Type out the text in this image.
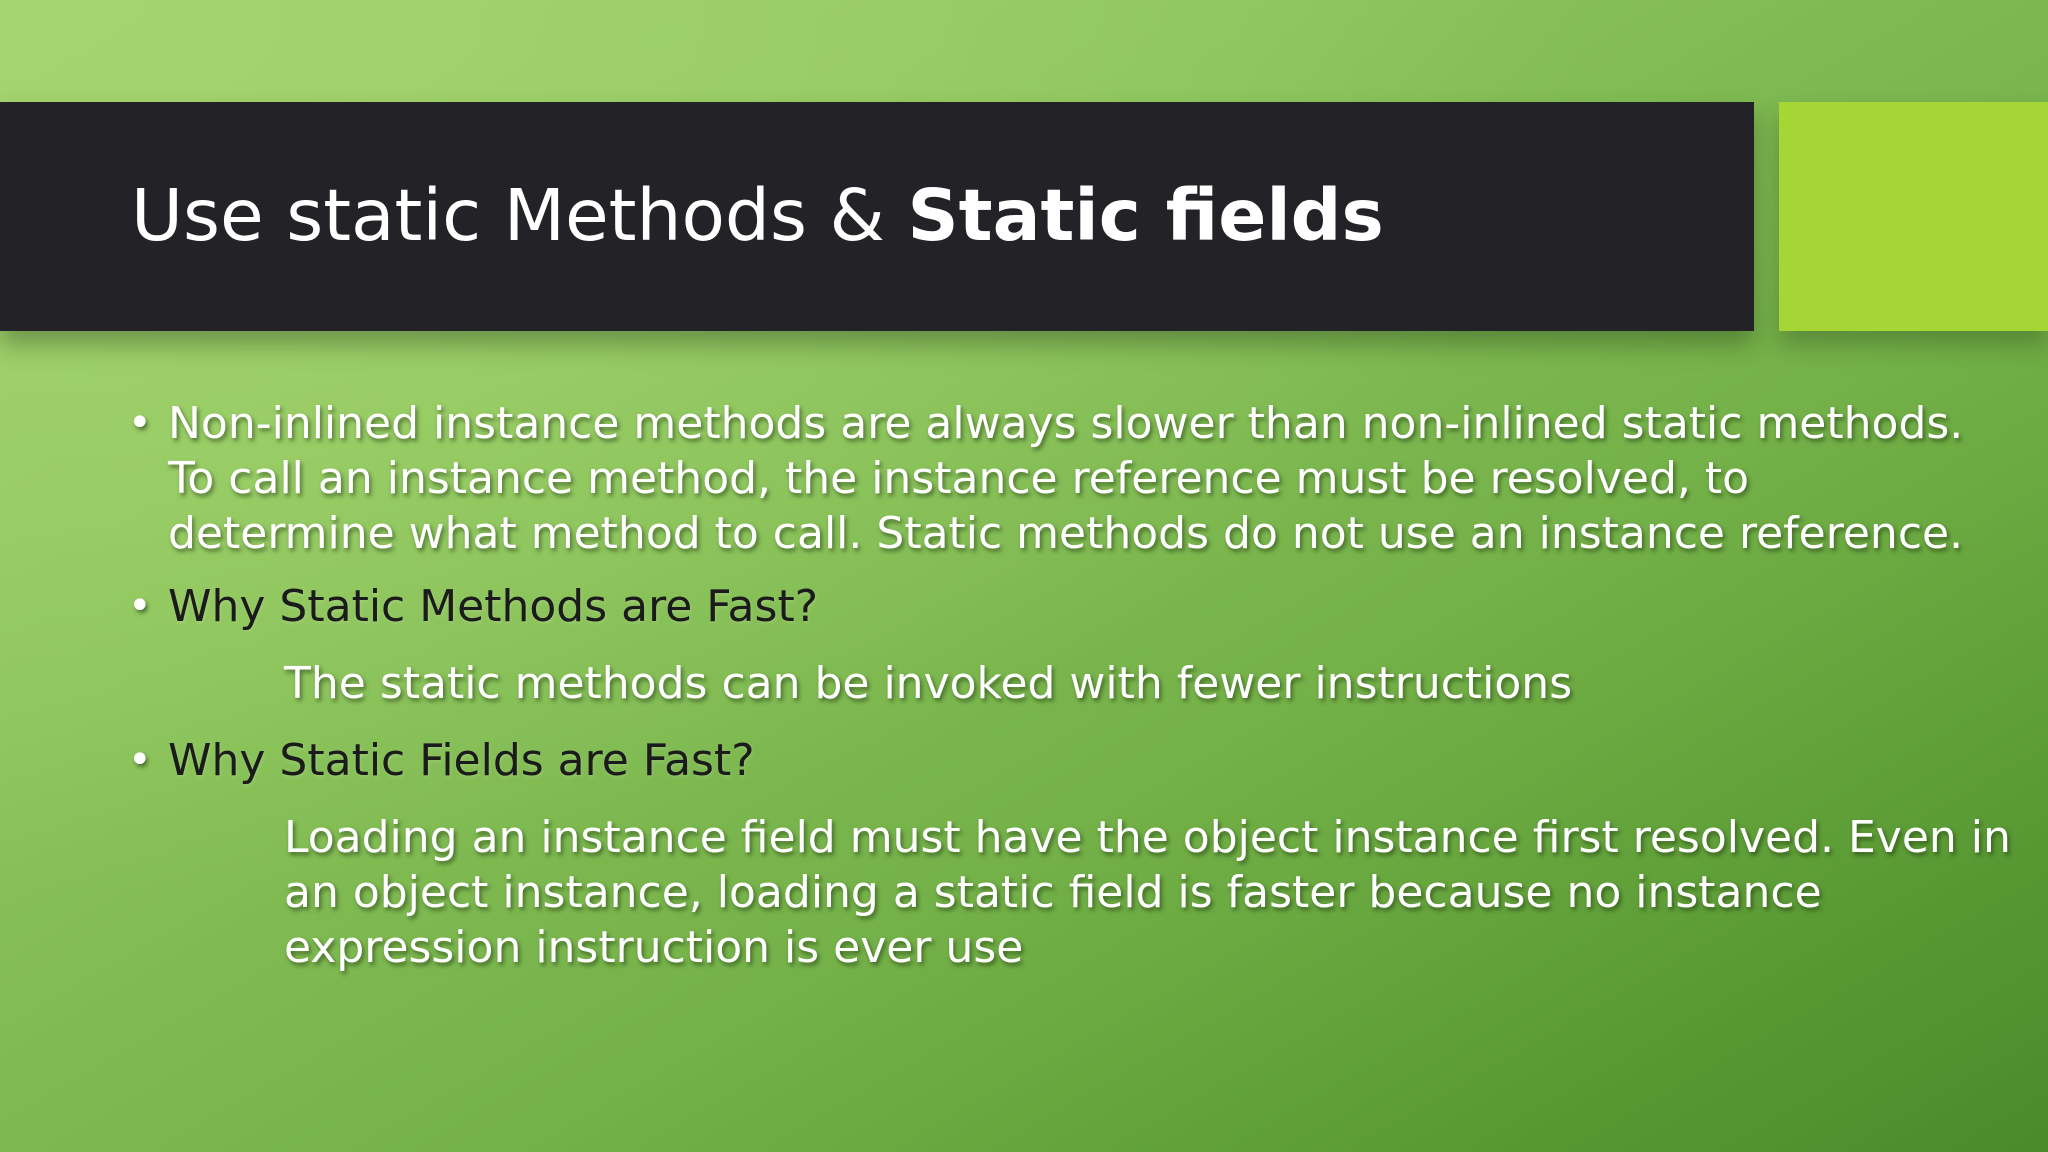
Use static Methods & Static fields
• Non-inlined instance methods are always slower than non-inlined static methods. To call an instance method, the instance reference must be resolved, to determine what method to call. Static methods do not use an instance reference.
• Why Static Methods are Fast?
The static methods can be invoked with fewer instructions
• Why Static Fields are Fast?
Loading an instance field must have the object instance first resolved. Even in an object instance, loading a static field is faster because no instance expression instruction is ever use
